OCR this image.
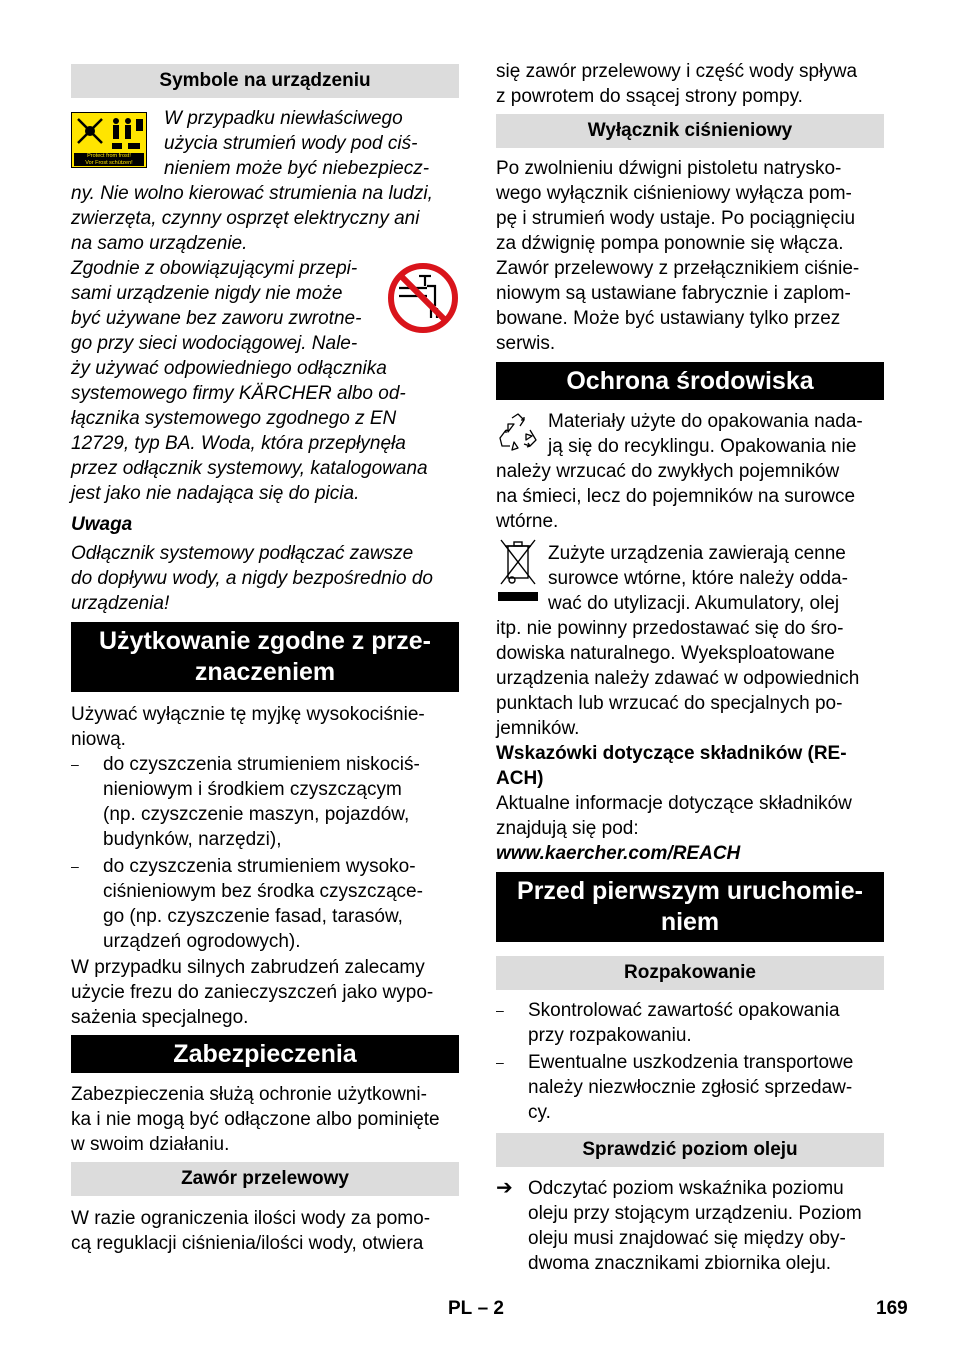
Symbole na urządzeniu
Protect from frost!
Vor Frost schützen!
W przypadku niewłaściwego
użycia strumień wody pod ciś-
nieniem może być niebezpiecz-
ny. Nie wolno kierować strumienia na ludzi,
zwierzęta, czynny osprzęt elektryczny ani
na samo urządzenie.
Zgodnie z obowiązującymi przepi-
sami urządzenie nigdy nie może
być używane bez zaworu zwrotne-
go przy sieci wodociągowej. Nale-
ży używać odpowiedniego odłącznika
systemowego firmy KÄRCHER albo od-
łącznika systemowego zgodnego z EN
12729, typ BA. Woda, która przepłynęła
przez odłącznik systemowy, katalogowana
jest jako nie nadająca się do picia.
Uwaga
Odłącznik systemowy podłączać zawsze
do dopływu wody, a nigdy bezpośrednio do
urządzenia!
Użytkowanie zgodne z prze-
znaczeniem
Używać wyłącznie tę myjkę wysokociśnie-
niową.
– do czyszczenia strumieniem niskociś-
nieniowym i środkiem czyszczącym
(np. czyszczenie maszyn, pojazdów,
budynków, narzędzi),
– do czyszczenia strumieniem wysoko-
ciśnieniowym bez środka czyszczące-
go (np. czyszczenie fasad, tarasów,
urządzeń ogrodowych).
W przypadku silnych zabrudzeń zalecamy
użycie frezu do zanieczyszczeń jako wypo-
sażenia specjalnego.
Zabezpieczenia
Zabezpieczenia służą ochronie użytkowni-
ka i nie mogą być odłączone albo pominięte
w swoim działaniu.
Zawór przelewowy
W razie ograniczenia ilości wody za pomo-
cą reguklacji ciśnienia/ilości wody, otwiera
się zawór przelewowy i część wody spływa
z powrotem do ssącej strony pompy.
Wyłącznik ciśnieniowy
Po zwolnieniu dźwigni pistoletu natrysko-
wego wyłącznik ciśnieniowy wyłącza pom-
pę i strumień wody ustaje. Po pociągnięciu
za dźwignię pompa ponownie się włącza.
Zawór przelewowy z przełącznikiem ciśnie-
niowym są ustawiane fabrycznie i zaplom-
bowane. Może być ustawiany tylko przez
serwis.
Ochrona środowiska
Materiały użyte do opakowania nada-
ją się do recyklingu. Opakowania nie
należy wrzucać do zwykłych pojemników
na śmieci, lecz do pojemników na surowce
wtórne.
Zużyte urządzenia zawierają cenne
surowce wtórne, które należy odda-
wać do utylizacji. Akumulatory, olej
itp. nie powinny przedostawać się do śro-
dowiska naturalnego. Wyeksploatowane
urządzenia należy zdawać w odpowiednich
punktach lub wrzucać do specjalnych po-
jemników.
Wskazówki dotyczące składników (RE-
ACH)
Aktualne informacje dotyczące składników
znajdują się pod:
www.kaercher.com/REACH
Przed pierwszym uruchomie-
niem
Rozpakowanie
– Skontrolować zawartość opakowania
przy rozpakowaniu.
– Ewentualne uszkodzenia transportowe
należy niezwłocznie zgłosić sprzedaw-
cy.
Sprawdzić poziom oleju
➔ Odczytać poziom wskaźnika poziomu
oleju przy stojącym urządzeniu. Poziom
oleju musi znajdować się między oby-
dwoma znacznikami zbiornika oleju.
PL – 2	169
